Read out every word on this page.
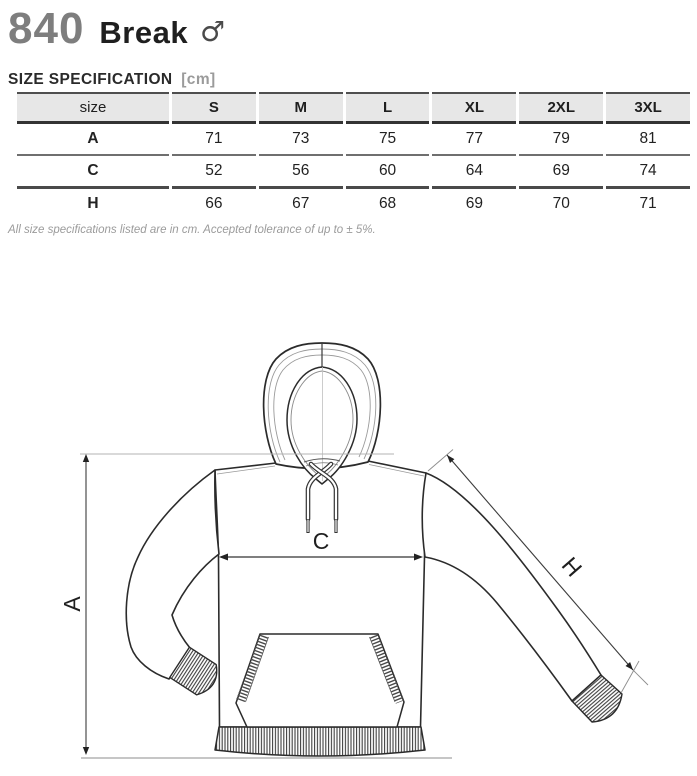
840 Break ♂
SIZE SPECIFICATION [cm]
size	S	M	L	XL	2XL	3XL
A	71	73	75	77	79	81
C	52	56	60	64	69	74
H	66	67	68	69	70	71
All size specifications listed are in cm. Accepted tolerance of up to ± 5%.
A
C
H
